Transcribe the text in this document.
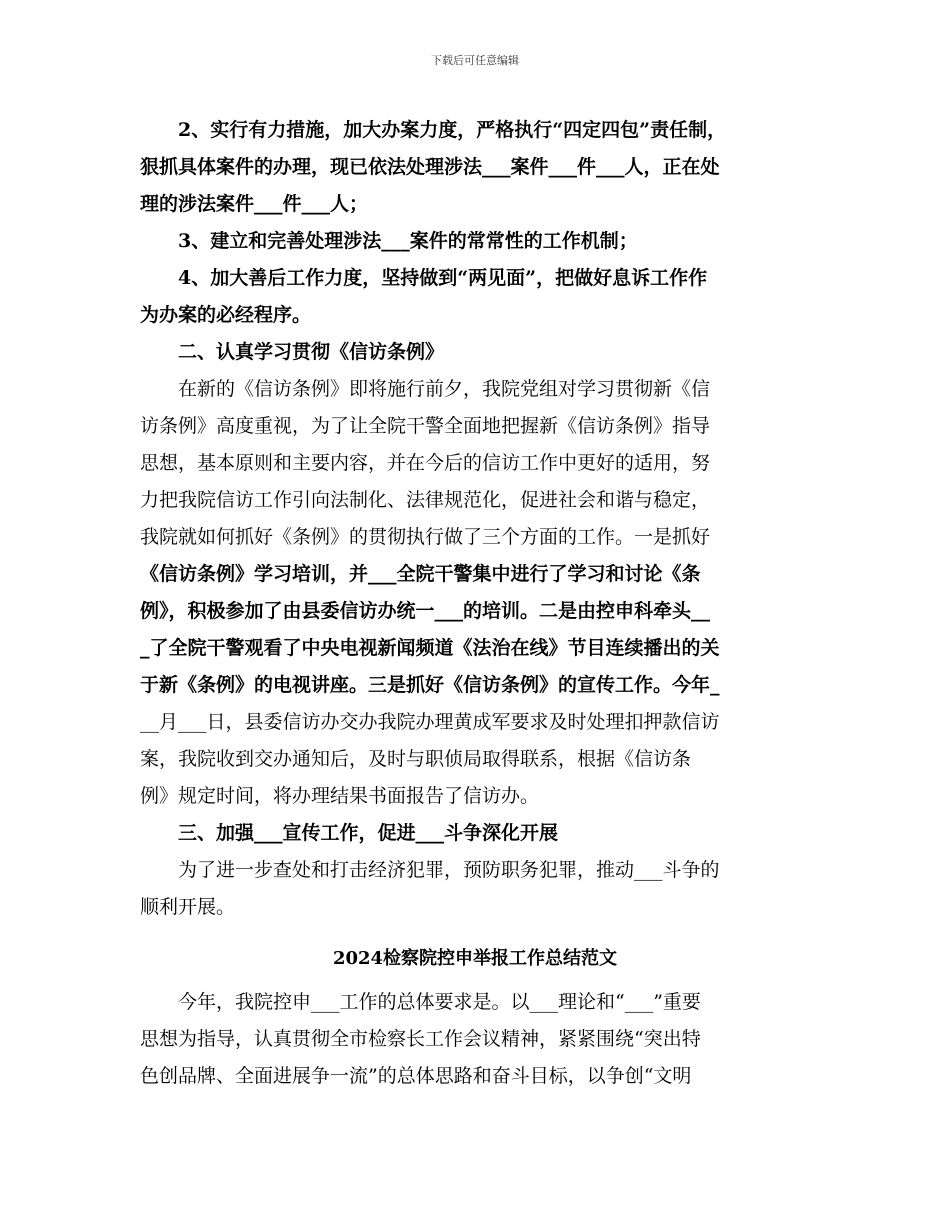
下载后可任意编辑
2、实行有力措施，加大办案力度，严格执行“四定四包”责任制，
狠抓具体案件的办理，现已依法处理涉法___案件___件___人，正在处
理的涉法案件___件___人；
3、建立和完善处理涉法___案件的常常性的工作机制；
4、加大善后工作力度，坚持做到“两见面”，把做好息诉工作作
为办案的必经程序。
二、认真学习贯彻《信访条例》
在新的《信访条例》即将施行前夕，我院党组对学习贯彻新《信
访条例》高度重视，为了让全院干警全面地把握新《信访条例》指导
思想，基本原则和主要内容，并在今后的信访工作中更好的适用，努
力把我院信访工作引向法制化、法律规范化，促进社会和谐与稳定，
我院就如何抓好《条例》的贯彻执行做了三个方面的工作。一是抓好
《信访条例》学习培训，并___全院干警集中进行了学习和讨论《条
例》，积极参加了由县委信访办统一___的培训。二是由控申科牵头__
_了全院干警观看了中央电视新闻频道《法治在线》节目连续播出的关
于新《条例》的电视讲座。三是抓好《信访条例》的宣传工作。今年_
__月___日，县委信访办交办我院办理黄成军要求及时处理扣押款信访
案，我院收到交办通知后，及时与职侦局取得联系，根据《信访条
例》规定时间，将办理结果书面报告了信访办。
三、加强___宣传工作，促进___斗争深化开展
为了进一步查处和打击经济犯罪，预防职务犯罪，推动___斗争的
顺利开展。
2024检察院控申举报工作总结范文
今年，我院控申___工作的总体要求是。以___理论和“___”重要
思想为指导，认真贯彻全市检察长工作会议精神，紧紧围绕“突出特
色创品牌、全面进展争一流”的总体思路和奋斗目标，以争创“文明
